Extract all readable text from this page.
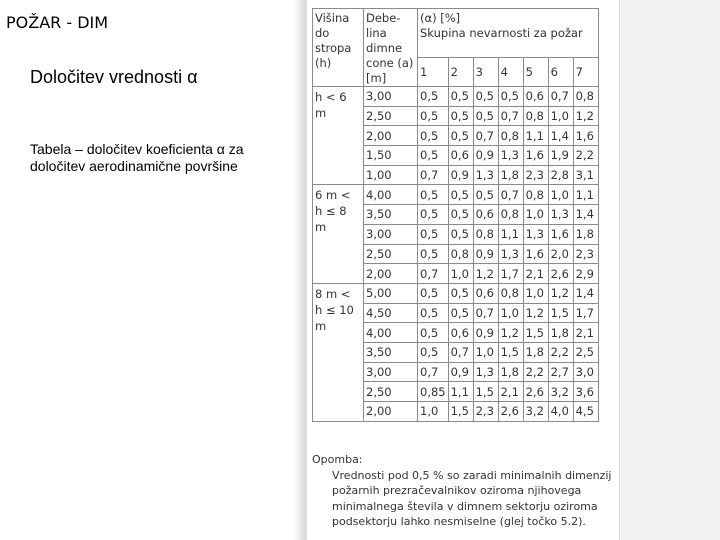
POŽAR - DIM
Določitev vrednosti α
Tabela – določitev koeficienta α za določitev aerodinamične površine
Višina do stropa (h)	Debe-lina dimne cone (a) [m]	(α) [%]
Skupina nevarnosti za požar						

		1	2	3	4	5	6	7
h < 6 m	3,00	0,5	0,5	0,5	0,5	0,6	0,7	0,8
	2,50	0,5	0,5	0,5	0,7	0,8	1,0	1,2
	2,00	0,5	0,5	0,7	0,8	1,1	1,4	1,6
	1,50	0,5	0,6	0,9	1,3	1,6	1,9	2,2
	1,00	0,7	0,9	1,3	1,8	2,3	2,8	3,1
6 m < h ≤ 8 m	4,00	0,5	0,5	0,5	0,7	0,8	1,0	1,1
	3,50	0,5	0,5	0,6	0,8	1,0	1,3	1,4
	3,00	0,5	0,5	0,8	1,1	1,3	1,6	1,8
	2,50	0,5	0,8	0,9	1,3	1,6	2,0	2,3
	2,00	0,7	1,0	1,2	1,7	2,1	2,6	2,9
8 m < h ≤ 10 m	5,00	0,5	0,5	0,6	0,8	1,0	1,2	1,4
	4,50	0,5	0,5	0,7	1,0	1,2	1,5	1,7
	4,00	0,5	0,6	0,9	1,2	1,5	1,8	2,1
	3,50	0,5	0,7	1,0	1,5	1,8	2,2	2,5
	3,00	0,7	0,9	1,3	1,8	2,2	2,7	3,0
	2,50	0,85	1,1	1,5	2,1	2,6	3,2	3,6
	2,00	1,0	1,5	2,3	2,6	3,2	4,0	4,5
Opomba:
Vrednosti pod 0,5 % so zaradi minimalnih dimenzij požarnih prezračevalnikov oziroma njihovega minimalnega števila v dimnem sektorju oziroma podsektorju lahko nesmiselne (glej točko 5.2).
